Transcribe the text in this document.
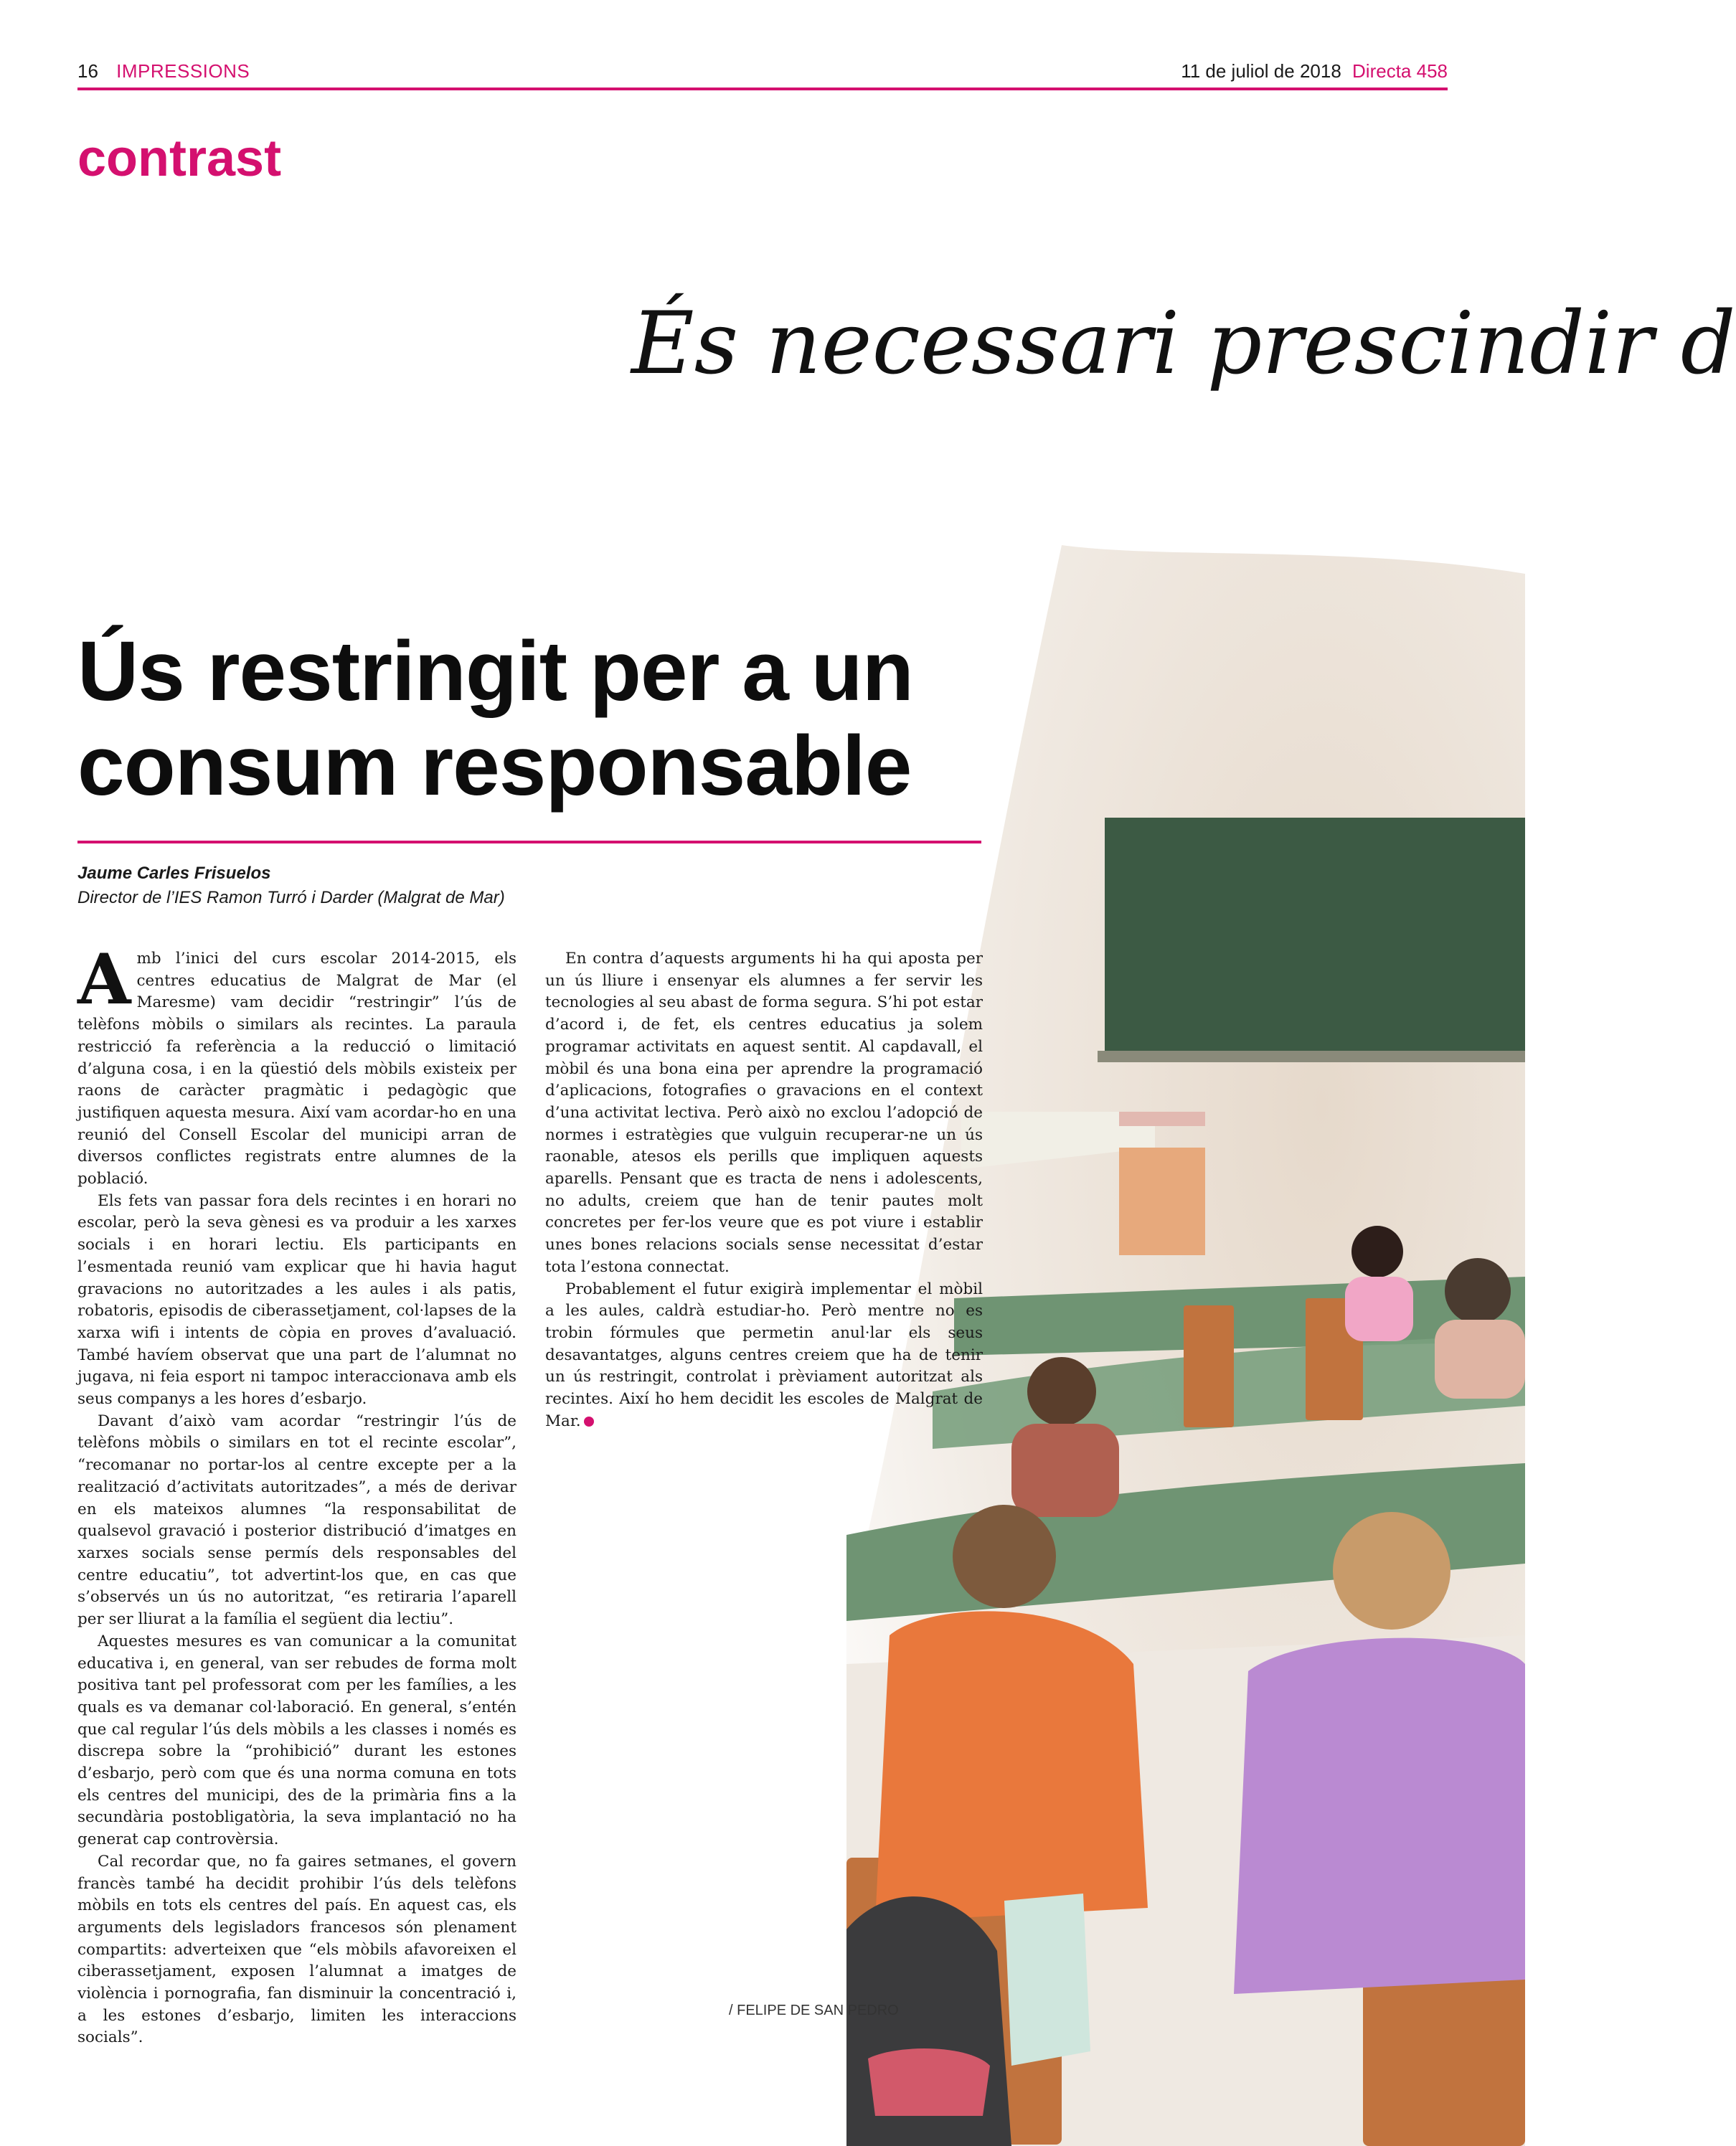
16 IMPRESSIONS	11 de juliol de 2018 Directa 458
contrast
És necessari prescindir d
Ús restringit per a un consum responsable
Jaume Carles Frisuelos
Director de l’IES Ramon Turró i Darder (Malgrat de Mar)

Amb l’inici del curs escolar 2014-2015, els centres educatius de Malgrat de Mar (el Maresme) vam decidir “restringir” l’ús de telèfons mòbils o similars als recintes. La paraula restricció fa referència a la reducció o limitació d’alguna cosa, i en la qüestió dels mòbils existeix per raons de caràcter pragmàtic i pedagògic que justifiquen aquesta mesura. Així vam acordar-ho en una reunió del Consell Escolar del municipi arran de diversos conflictes registrats entre alumnes de la població.

Els fets van passar fora dels recintes i en horari no escolar, però la seva gènesi es va produir a les xarxes socials i en horari lectiu. Els participants en l’esmentada reunió vam explicar que hi havia hagut gravacions no autoritzades a les aules i als patis, robatoris, episodis de ciberassetjament, col·lapses de la xarxa wifi i intents de còpia en proves d’avaluació. També havíem observat que una part de l’alumnat no jugava, ni feia esport ni tampoc interaccionava amb els seus companys a les hores d’esbarjo.

Davant d’això vam acordar “restringir l’ús de telèfons mòbils o similars en tot el recinte escolar”, “recomanar no portar-los al centre excepte per a la realització d’activitats autoritzades”, a més de derivar en els mateixos alumnes “la responsabilitat de qualsevol gravació i posterior distribució d’imatges en xarxes socials sense permís dels responsables del centre educatiu”, tot advertint-los que, en cas que s’observés un ús no autoritzat, “es retiraria l’aparell per ser lliurat a la família el següent dia lectiu”.

Aquestes mesures es van comunicar a la comunitat educativa i, en general, van ser rebudes de forma molt positiva tant pel professorat com per les famílies, a les quals es va demanar col·laboració. En general, s’entén que cal regular l’ús dels mòbils a les classes i només es discrepa sobre la “prohibició” durant les estones d’esbarjo, però com que és una norma comuna en tots els centres del municipi, des de la primària fins a la secundària postobligatòria, la seva implantació no ha generat cap controvèrsia.

Cal recordar que, no fa gaires setmanes, el govern francès també ha decidit prohibir l’ús dels telèfons mòbils en tots els centres del país. En aquest cas, els arguments dels legisladors francesos són plenament compartits: adverteixen que “els mòbils afavoreixen el ciberassetjament, exposen l’alumnat a imatges de violència i pornografia, fan disminuir la concentració i, a les estones d’esbarjo, limiten les interaccions socials”.

En contra d’aquests arguments hi ha qui aposta per un ús lliure i ensenyar els alumnes a fer servir les tecnologies al seu abast de forma segura. S’hi pot estar d’acord i, de fet, els centres educatius ja solem programar activitats en aquest sentit. Al capdavall, el mòbil és una bona eina per aprendre la programació d’aplicacions, fotografies o gravacions en el context d’una activitat lectiva. Però això no exclou l’adopció de normes i estratègies que vulguin recuperar-ne un ús raonable, atesos els perills que impliquen aquests aparells. Pensant que es tracta de nens i adolescents, no adults, creiem que han de tenir pautes molt concretes per fer-los veure que es pot viure i establir unes bones relacions socials sense necessitat d’estar tota l’estona connectat.

Probablement el futur exigirà implementar el mòbil a les aules, caldrà estudiar-ho. Però mentre no es trobin fórmules que permetin anul·lar els seus desavantatges, alguns centres creiem que ha de tenir un ús restringit, controlat i prèviament autoritzat als recintes. Així ho hem decidit les escoles de Malgrat de Mar.

/ FELIPE DE SAN PEDRO
